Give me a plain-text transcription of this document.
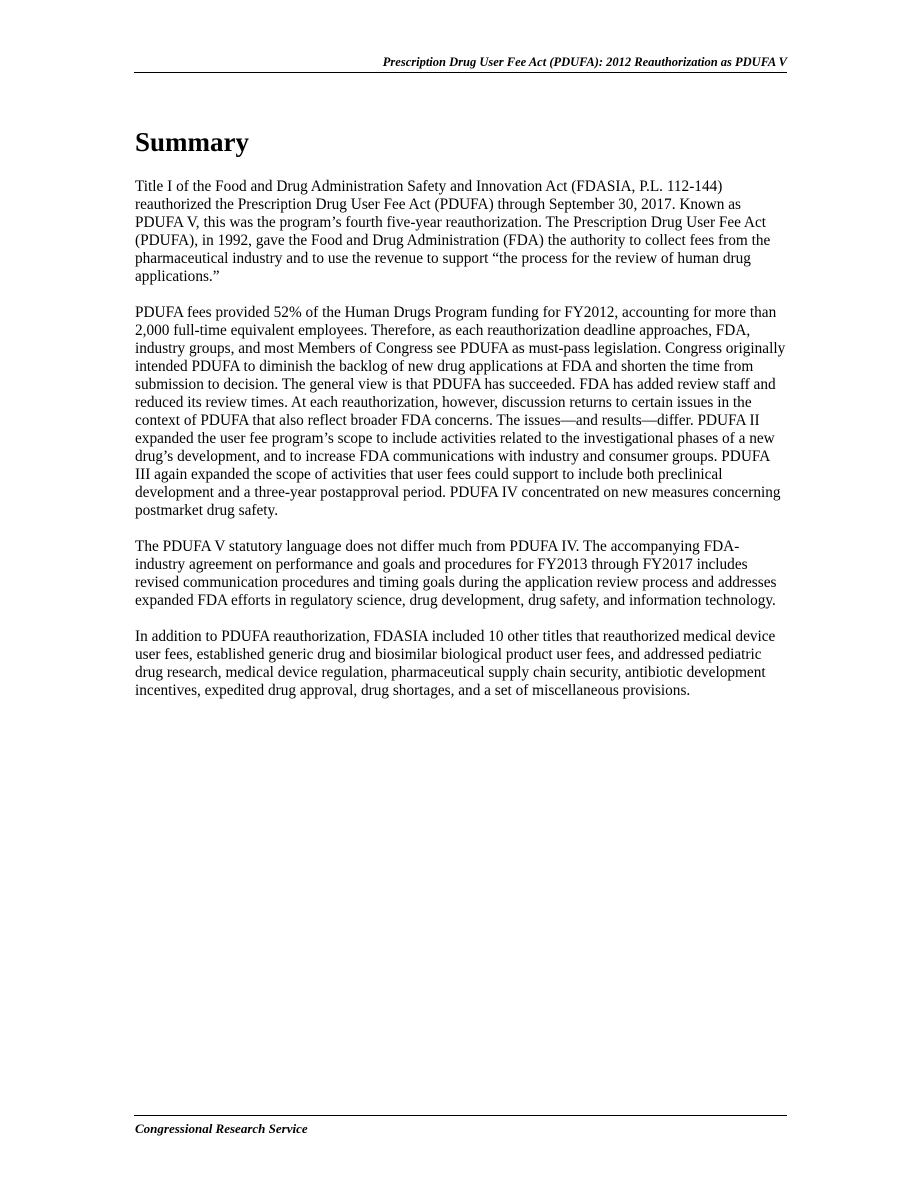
Prescription Drug User Fee Act (PDUFA): 2012 Reauthorization as PDUFA V
Summary

Title I of the Food and Drug Administration Safety and Innovation Act (FDASIA, P.L. 112-144) reauthorized the Prescription Drug User Fee Act (PDUFA) through September 30, 2017. Known as PDUFA V, this was the program’s fourth five-year reauthorization. The Prescription Drug User Fee Act (PDUFA), in 1992, gave the Food and Drug Administration (FDA) the authority to collect fees from the pharmaceutical industry and to use the revenue to support “the process for the review of human drug applications.”

PDUFA fees provided 52% of the Human Drugs Program funding for FY2012, accounting for more than 2,000 full-time equivalent employees. Therefore, as each reauthorization deadline approaches, FDA, industry groups, and most Members of Congress see PDUFA as must-pass legislation. Congress originally intended PDUFA to diminish the backlog of new drug applications at FDA and shorten the time from submission to decision. The general view is that PDUFA has succeeded. FDA has added review staff and reduced its review times. At each reauthorization, however, discussion returns to certain issues in the context of PDUFA that also reflect broader FDA concerns. The issues—and results—differ. PDUFA II expanded the user fee program’s scope to include activities related to the investigational phases of a new drug’s development, and to increase FDA communications with industry and consumer groups. PDUFA III again expanded the scope of activities that user fees could support to include both preclinical development and a three-year postapproval period. PDUFA IV concentrated on new measures concerning postmarket drug safety.

The PDUFA V statutory language does not differ much from PDUFA IV. The accompanying FDA-industry agreement on performance and goals and procedures for FY2013 through FY2017 includes revised communication procedures and timing goals during the application review process and addresses expanded FDA efforts in regulatory science, drug development, drug safety, and information technology.

In addition to PDUFA reauthorization, FDASIA included 10 other titles that reauthorized medical device user fees, established generic drug and biosimilar biological product user fees, and addressed pediatric drug research, medical device regulation, pharmaceutical supply chain security, antibiotic development incentives, expedited drug approval, drug shortages, and a set of miscellaneous provisions.

Congressional Research Service
